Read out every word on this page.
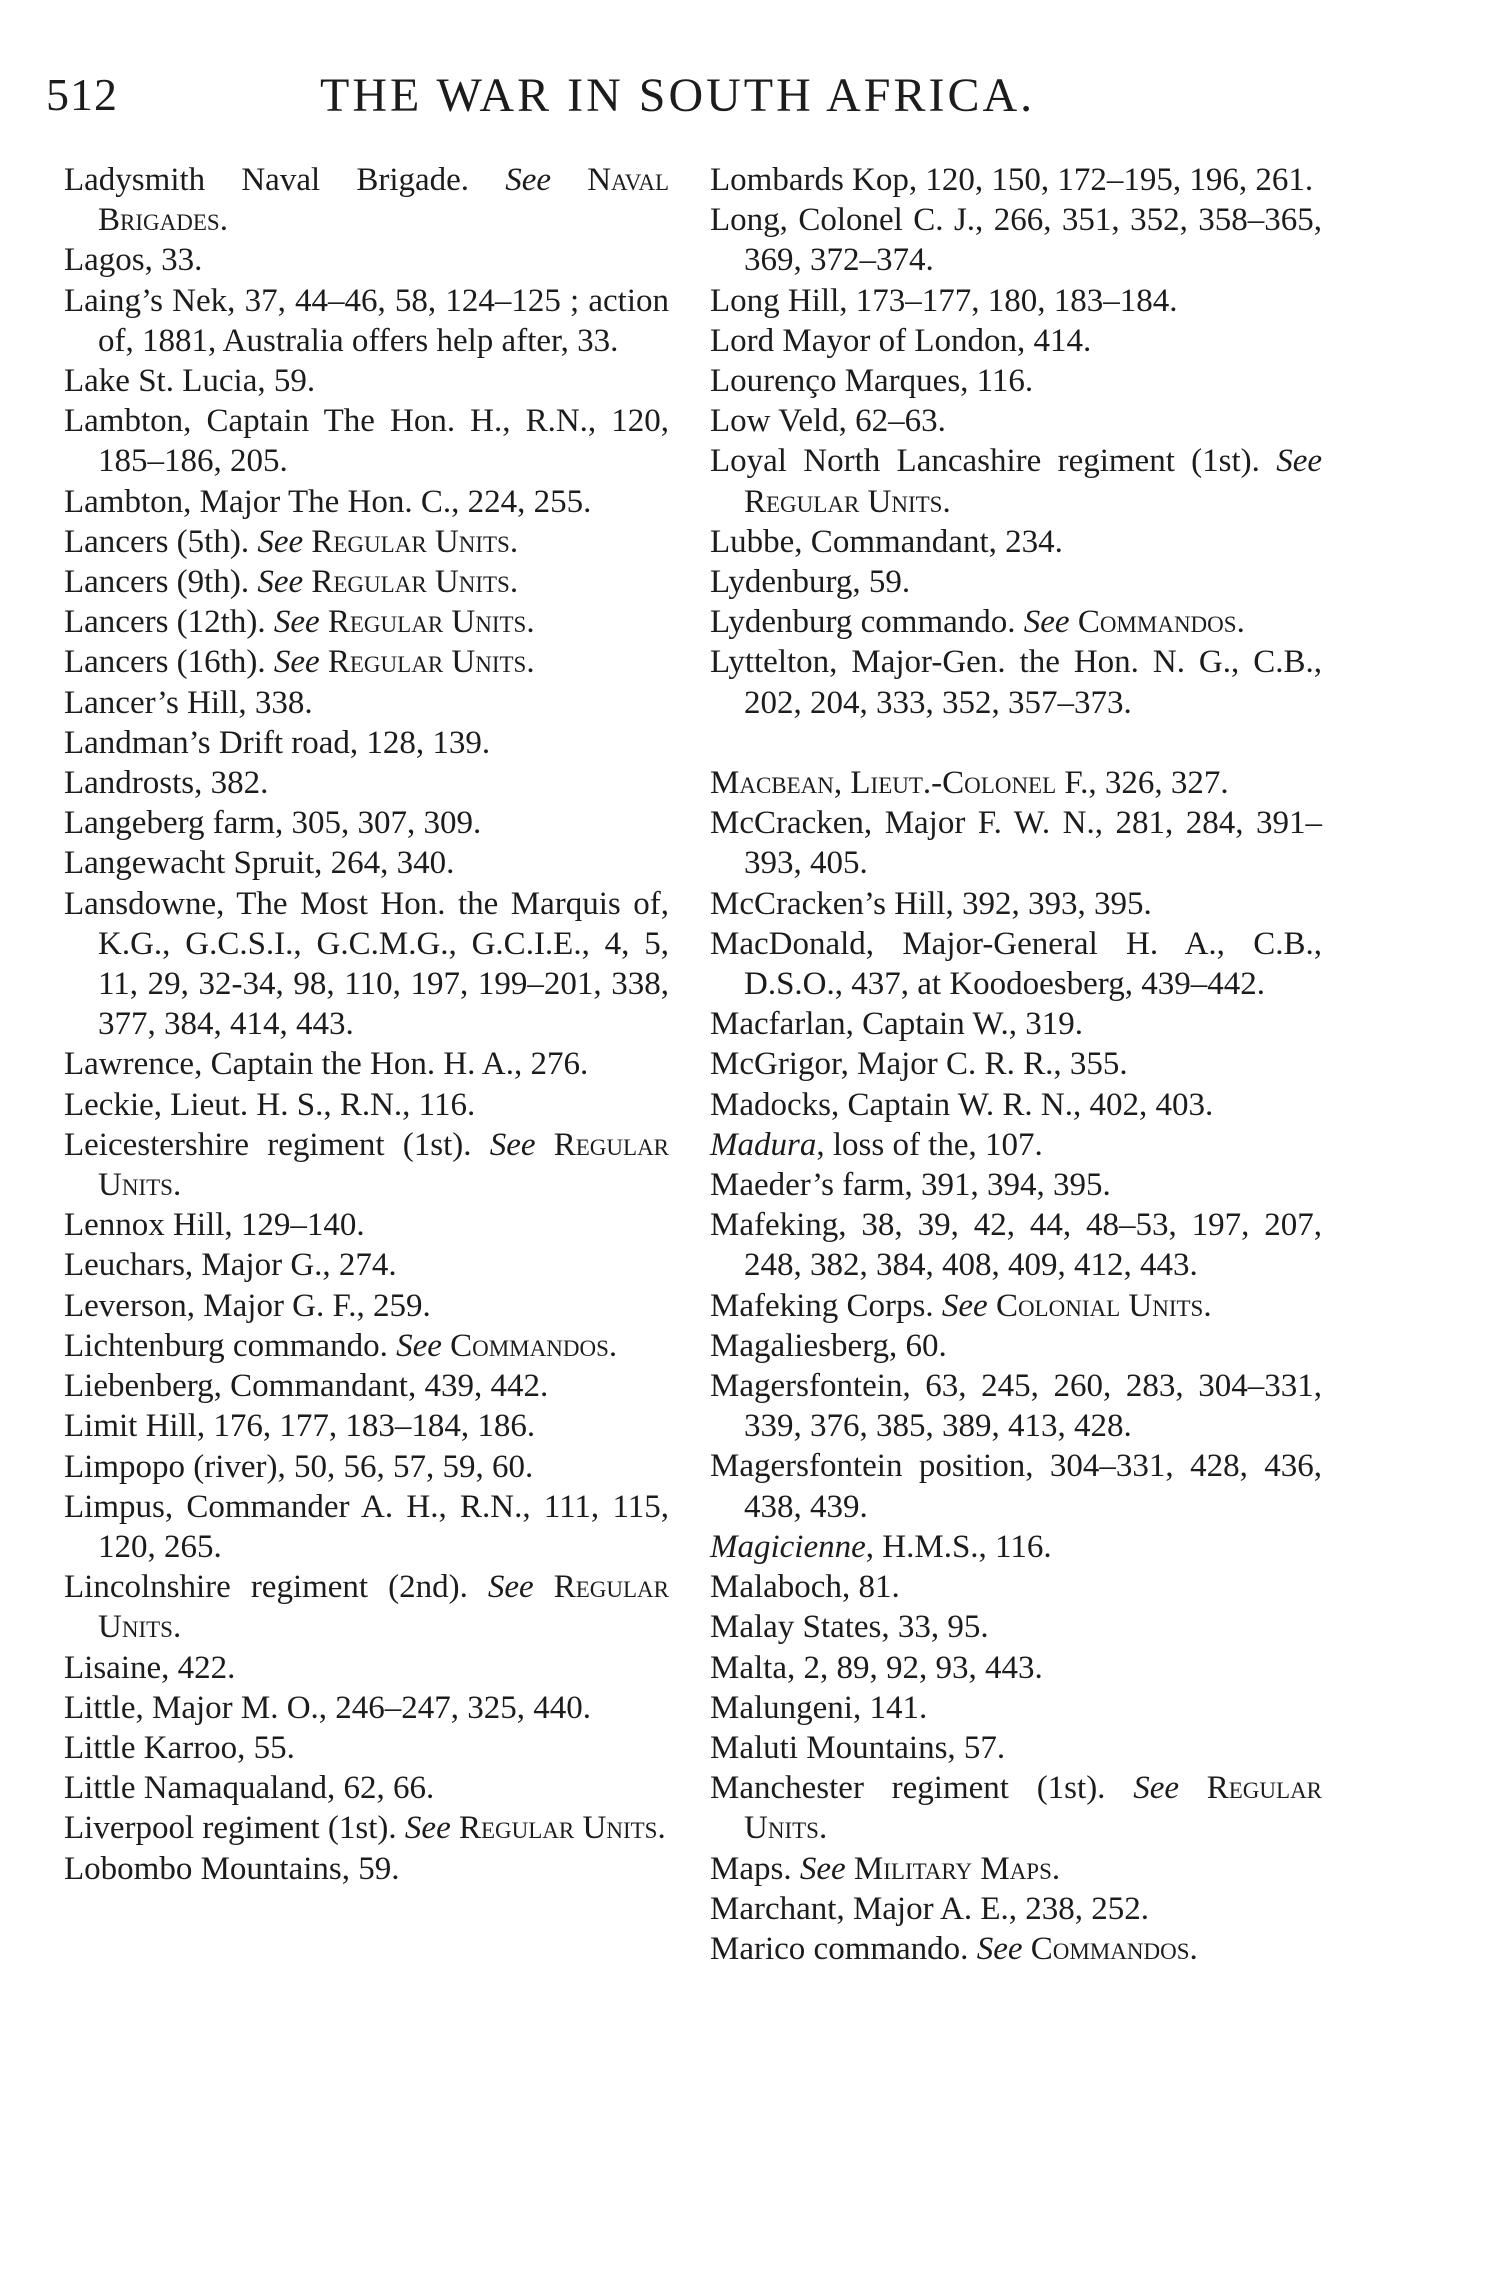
512	THE WAR IN SOUTH AFRICA.

Ladysmith Naval Brigade. See Naval Brigades.

Lagos, 33.

Laing’s Nek, 37, 44–46, 58, 124–125 ; action of, 1881, Australia offers help after, 33.

Lake St. Lucia, 59.

Lambton, Captain The Hon. H., R.N., 120, 185–186, 205.

Lambton, Major The Hon. C., 224, 255.

Lancers (5th). See Regular Units.

Lancers (9th). See Regular Units.

Lancers (12th). See Regular Units.

Lancers (16th). See Regular Units.

Lancer’s Hill, 338.

Landman’s Drift road, 128, 139.

Landrosts, 382.

Langeberg farm, 305, 307, 309.

Langewacht Spruit, 264, 340.

Lansdowne, The Most Hon. the Marquis of, K.G., G.C.S.I., G.C.M.G., G.C.I.E., 4, 5, 11, 29, 32-34, 98, 110, 197, 199–201, 338, 377, 384, 414, 443.

Lawrence, Captain the Hon. H. A., 276.

Leckie, Lieut. H. S., R.N., 116.

Leicestershire regiment (1st). See Regular Units.

Lennox Hill, 129–140.

Leuchars, Major G., 274.

Leverson, Major G. F., 259.

Lichtenburg commando. See Commandos.

Liebenberg, Commandant, 439, 442.

Limit Hill, 176, 177, 183–184, 186.

Limpopo (river), 50, 56, 57, 59, 60.

Limpus, Commander A. H., R.N., 111, 115, 120, 265.

Lincolnshire regiment (2nd). See Regular Units.

Lisaine, 422.

Little, Major M. O., 246–247, 325, 440.

Little Karroo, 55.

Little Namaqualand, 62, 66.

Liverpool regiment (1st). See Regular Units.

Lobombo Mountains, 59.

Lombards Kop, 120, 150, 172–195, 196, 261.

Long, Colonel C. J., 266, 351, 352, 358–365, 369, 372–374.

Long Hill, 173–177, 180, 183–184.

Lord Mayor of London, 414.

Lourenço Marques, 116.

Low Veld, 62–63.

Loyal North Lancashire regiment (1st). See Regular Units.

Lubbe, Commandant, 234.

Lydenburg, 59.

Lydenburg commando. See Commandos.

Lyttelton, Major-Gen. the Hon. N. G., C.B., 202, 204, 333, 352, 357–373.

Macbean, Lieut.-Colonel F., 326, 327.

McCracken, Major F. W. N., 281, 284, 391–393, 405.

McCracken’s Hill, 392, 393, 395.

MacDonald, Major-General H. A., C.B., D.S.O., 437, at Koodoesberg, 439–442.

Macfarlan, Captain W., 319.

McGrigor, Major C. R. R., 355.

Madocks, Captain W. R. N., 402, 403.

Madura, loss of the, 107.

Maeder’s farm, 391, 394, 395.

Mafeking, 38, 39, 42, 44, 48–53, 197, 207, 248, 382, 384, 408, 409, 412, 443.

Mafeking Corps. See Colonial Units.

Magaliesberg, 60.

Magersfontein, 63, 245, 260, 283, 304–331, 339, 376, 385, 389, 413, 428.

Magersfontein position, 304–331, 428, 436, 438, 439.

Magicienne, H.M.S., 116.

Malaboch, 81.

Malay States, 33, 95.

Malta, 2, 89, 92, 93, 443.

Malungeni, 141.

Maluti Mountains, 57.

Manchester regiment (1st). See Regular Units.

Maps. See Military Maps.

Marchant, Major A. E., 238, 252.

Marico commando. See Commandos.
